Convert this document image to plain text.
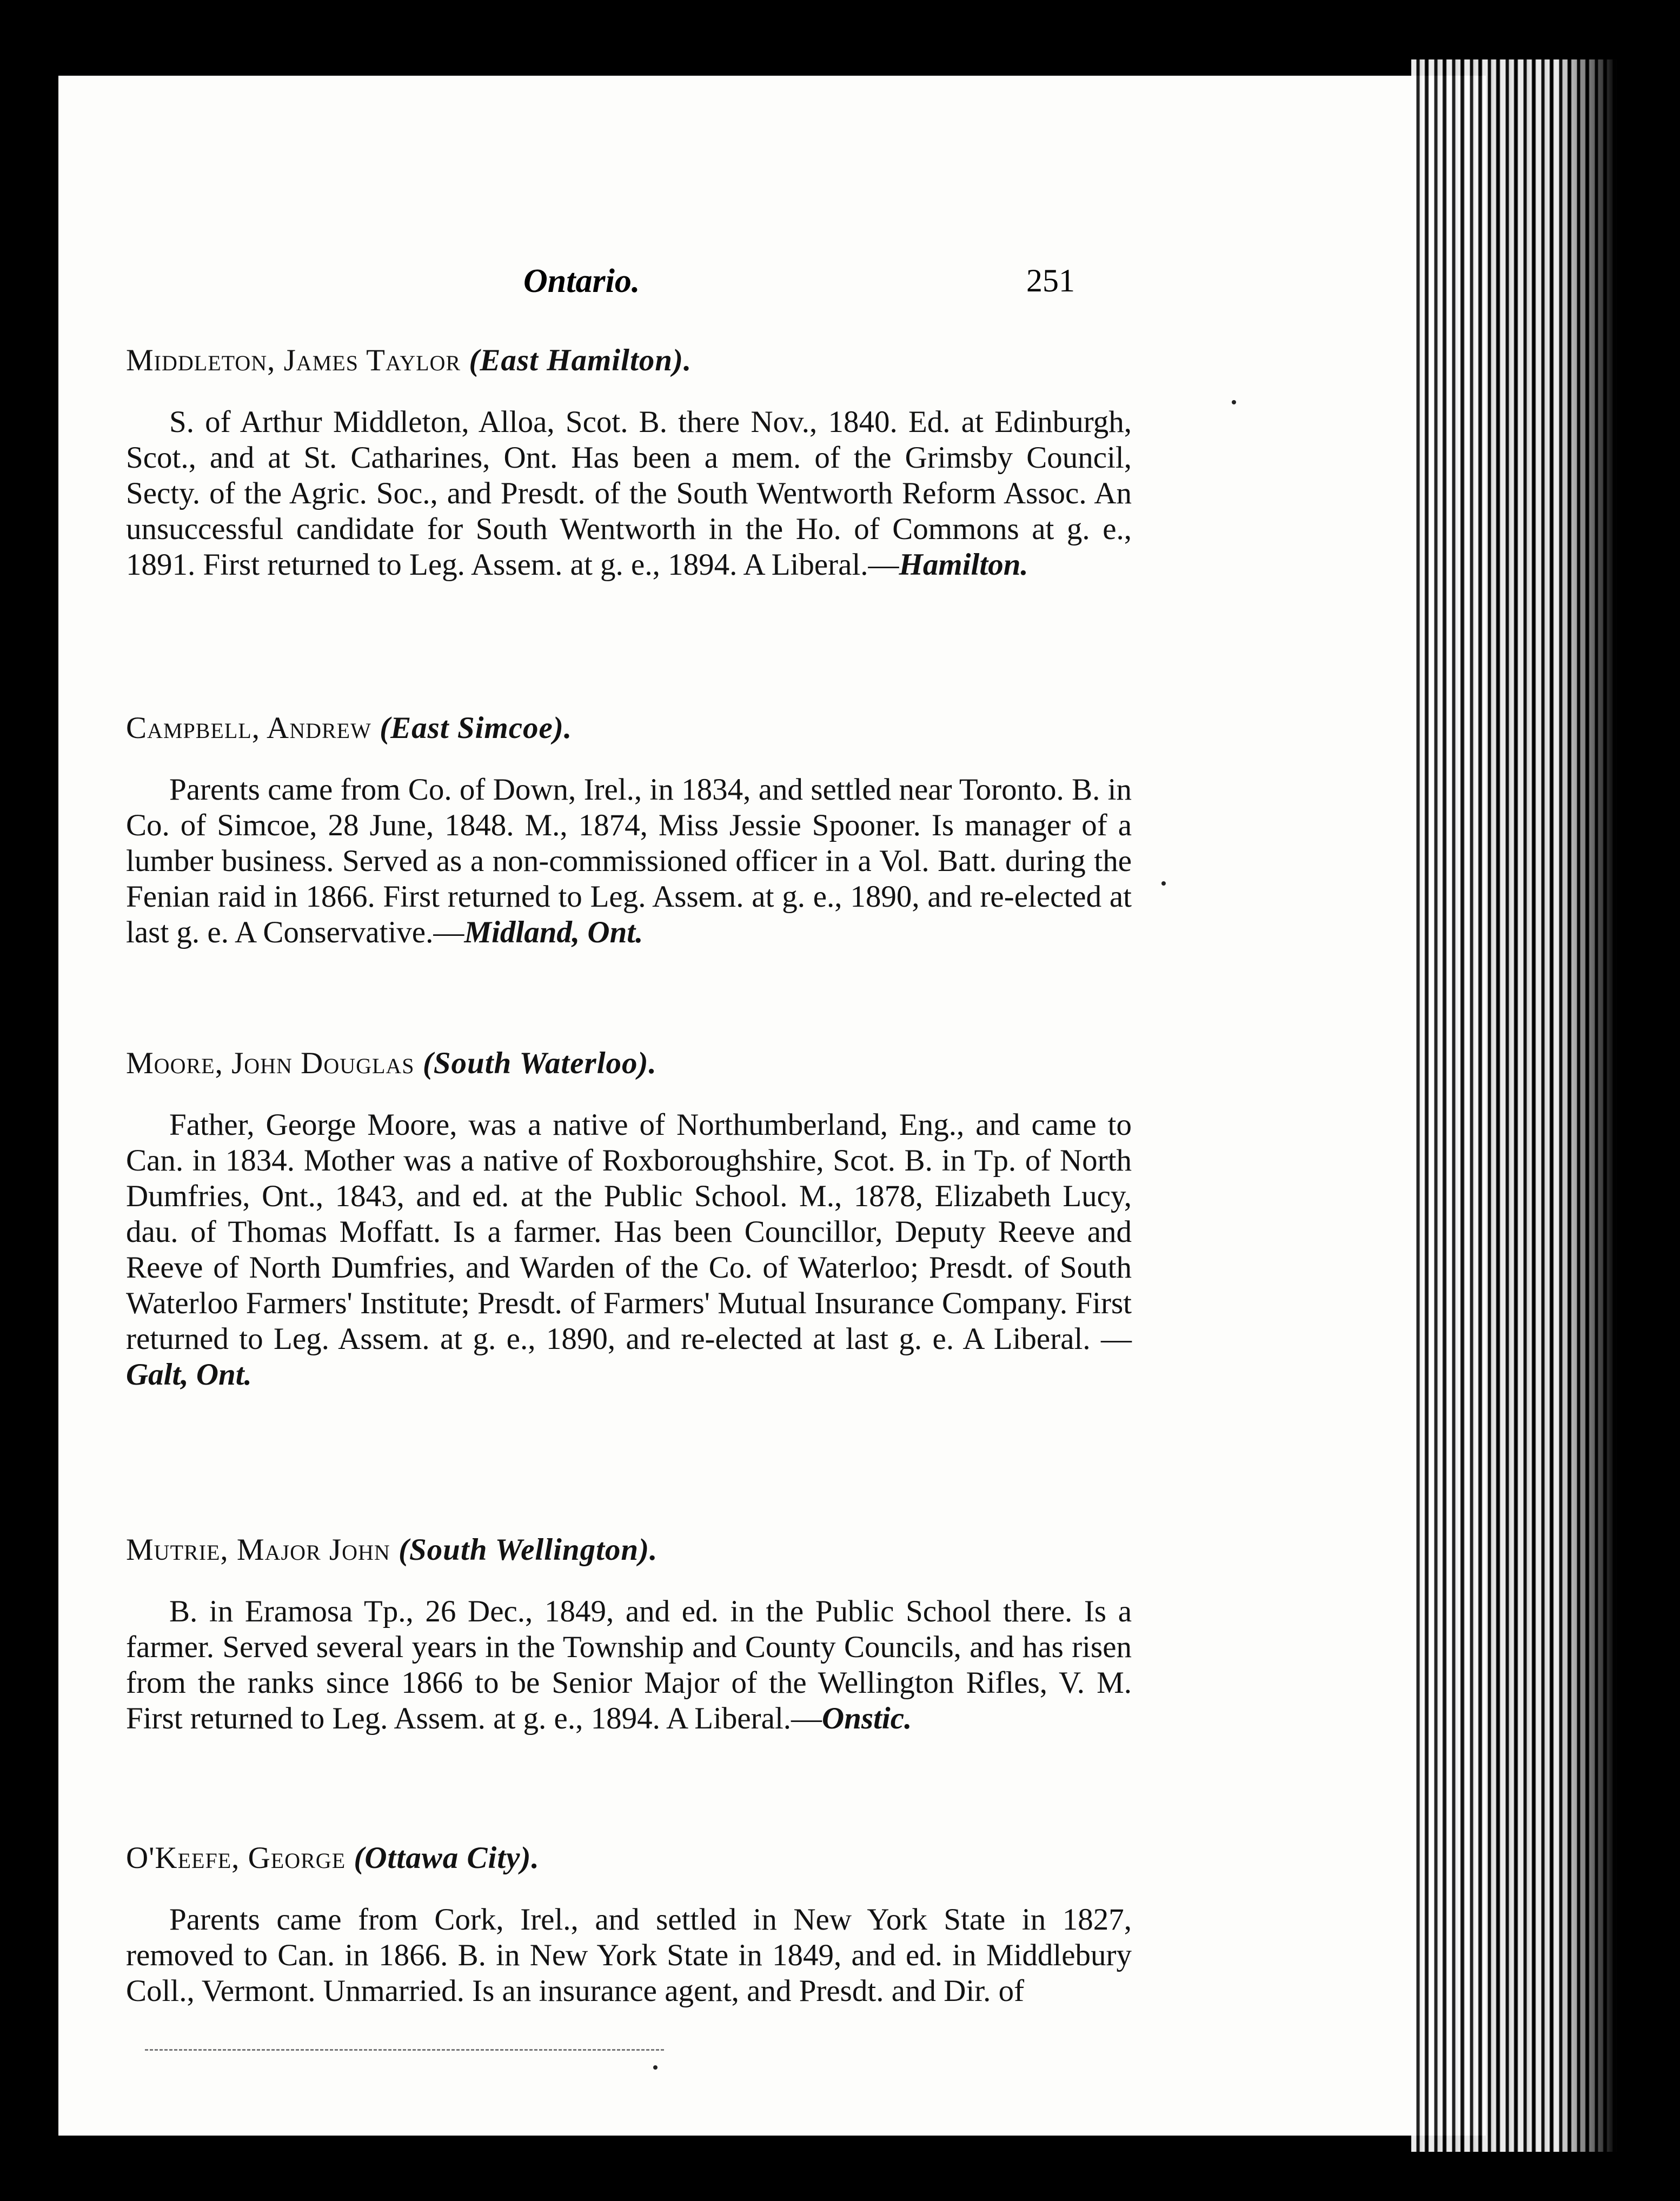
Ontario.	251

Middleton, James Taylor (East Hamilton).

S. of Arthur Middleton, Alloa, Scot. B. there Nov., 1840. Ed. at Edinburgh, Scot., and at St. Catharines, Ont. Has been a mem. of the Grimsby Council, Secty. of the Agric. Soc., and Presdt. of the South Wentworth Reform Assoc. An unsuccessful candidate for South Wentworth in the Ho. of Commons at g. e., 1891. First returned to Leg. Assem. at g. e., 1894. A Liberal.—Hamilton.

Campbell, Andrew (East Simcoe).

Parents came from Co. of Down, Irel., in 1834, and settled near Toronto. B. in Co. of Simcoe, 28 June, 1848. M., 1874, Miss Jessie Spooner. Is manager of a lumber business. Served as a non-commissioned officer in a Vol. Batt. during the Fenian raid in 1866. First returned to Leg. Assem. at g. e., 1890, and re-elected at last g. e. A Conservative.—Midland, Ont.

Moore, John Douglas (South Waterloo).

Father, George Moore, was a native of Northumberland, Eng., and came to Can. in 1834. Mother was a native of Roxboroughshire, Scot. B. in Tp. of North Dumfries, Ont., 1843, and ed. at the Public School. M., 1878, Elizabeth Lucy, dau. of Thomas Moffatt. Is a farmer. Has been Councillor, Deputy Reeve and Reeve of North Dumfries, and Warden of the Co. of Waterloo; Presdt. of South Waterloo Farmers' Institute; Presdt. of Farmers' Mutual Insurance Company. First returned to Leg. Assem. at g. e., 1890, and re-elected at last g. e. A Liberal. —Galt, Ont.

Mutrie, Major John (South Wellington).

B. in Eramosa Tp., 26 Dec., 1849, and ed. in the Public School there. Is a farmer. Served several years in the Township and County Councils, and has risen from the ranks since 1866 to be Senior Major of the Wellington Rifles, V. M. First returned to Leg. Assem. at g. e., 1894. A Liberal.—Onstic.

O'Keefe, George (Ottawa City).

Parents came from Cork, Irel., and settled in New York State in 1827, removed to Can. in 1866. B. in New York State in 1849, and ed. in Middlebury Coll., Vermont. Unmarried. Is an insurance agent, and Presdt. and Dir. of
